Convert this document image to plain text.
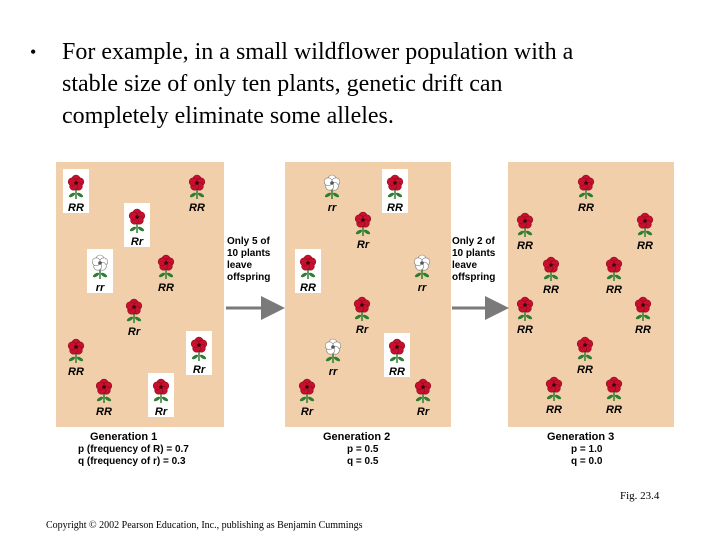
• For example, in a small wildflower population with a
stable size of only ten plants, genetic drift can
completely eliminate some alleles.
RR	RR
Rr
rr	RR
Rr
RR	Rr
RR	Rr
rr	RR
Rr
RR	rr
Rr
rr	RR
Rr	Rr
RR
RR	RR
RR	RR
RR	RR
RR
RR	RR
Only 5 of
10 plants
leave
offspring
Only 2 of
10 plants
leave
offspring
Generation 1
p (frequency of R) = 0.7
q (frequency of r) = 0.3
Generation 2
p = 0.5
q = 0.5
Generation 3
p = 1.0
q = 0.0
Fig. 23.4
Copyright © 2002 Pearson Education, Inc., publishing as Benjamin Cummings
